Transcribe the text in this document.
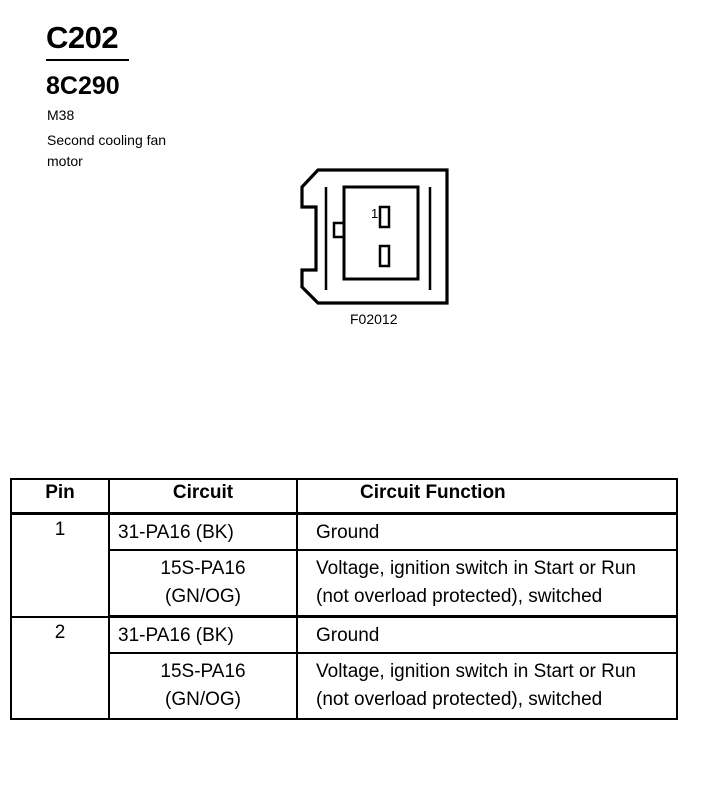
C202
8C290
M38
Second cooling fan
motor
1
F02012
Pin	Circuit	Circuit Function
1	31-PA16 (BK)	Ground
	15S-PA16 (GN/OG)	Voltage, ignition switch in Start or Run (not overload protected), switched
2	31-PA16 (BK)	Ground
	15S-PA16 (GN/OG)	Voltage, ignition switch in Start or Run (not overload protected), switched
